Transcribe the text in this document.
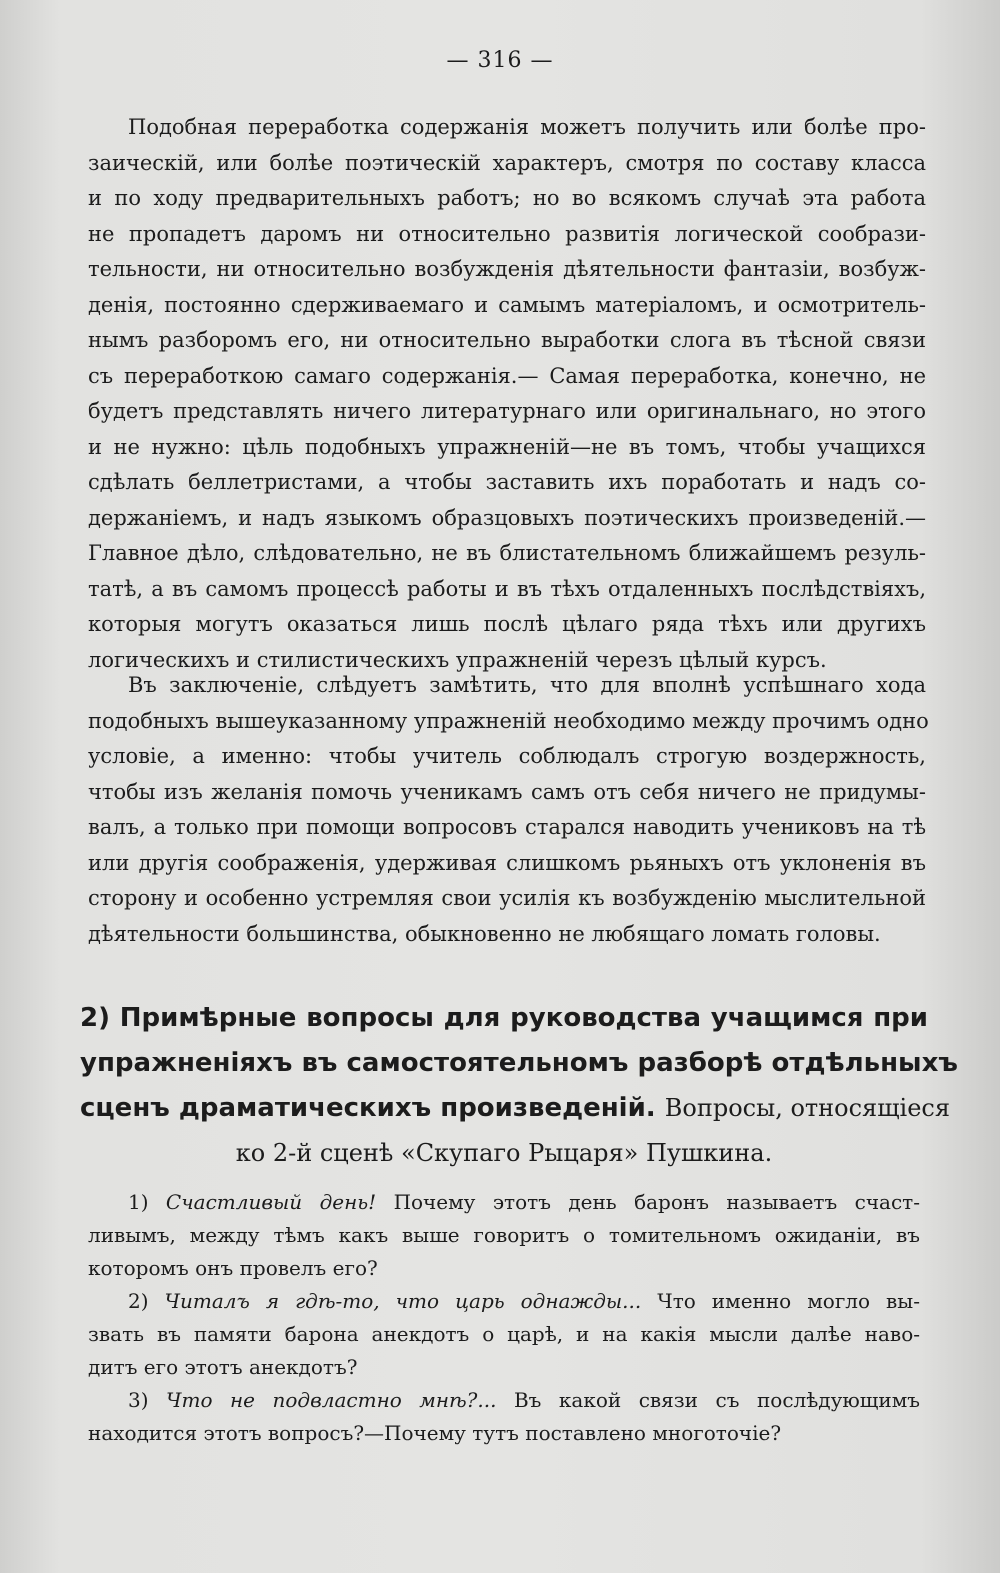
— 316 —
Подобная переработка содержанія можетъ получить или болѣе про-
заическій, или болѣе поэтическій характеръ, смотря по составу класса
и по ходу предварительныхъ работъ; но во всякомъ случаѣ эта работа
не пропадетъ даромъ ни относительно развитія логической сообрази-
тельности, ни относительно возбужденія дѣятельности фантазіи, возбуж-
денія, постоянно сдерживаемаго и самымъ матеріаломъ, и осмотритель-
нымъ разборомъ его, ни относительно выработки слога въ тѣсной связи
съ переработкою самаго содержанія.— Самая переработка, конечно, не
будетъ представлять ничего литературнаго или оригинальнаго, но этого
и не нужно: цѣль подобныхъ упражненій—не въ томъ, чтобы учащихся
сдѣлать беллетристами, а чтобы заставить ихъ поработать и надъ со-
держаніемъ, и надъ языкомъ образцовыхъ поэтическихъ произведеній.—
Главное дѣло, слѣдовательно, не въ блистательномъ ближайшемъ резуль-
татѣ, а въ самомъ процессѣ работы и въ тѣхъ отдаленныхъ послѣдствіяхъ,
которыя могутъ оказаться лишь послѣ цѣлаго ряда тѣхъ или другихъ
логическихъ и стилистическихъ упражненій черезъ цѣлый курсъ.
Въ заключеніе, слѣдуетъ замѣтить, что для вполнѣ успѣшнаго хода
подобныхъ вышеуказанному упражненій необходимо между прочимъ одно
условіе, а именно: чтобы учитель соблюдалъ строгую воздержность,
чтобы изъ желанія помочь ученикамъ самъ отъ себя ничего не придумы-
валъ, а только при помощи вопросовъ старался наводить учениковъ на тѣ
или другія соображенія, удерживая слишкомъ рьяныхъ отъ уклоненія въ
сторону и особенно устремляя свои усилія къ возбужденію мыслительной
дѣятельности большинства, обыкновенно не любящаго ломать головы.
2) Примѣрные вопросы для руководства учащимся при
упражненіяхъ въ самостоятельномъ разборѣ отдѣльныхъ
сценъ драматическихъ произведеній. Вопросы, относящіеся
ко 2-й сценѣ «Скупаго Рыцаря» Пушкина.
1) Счастливый день! Почему этотъ день баронъ называетъ счаст-
ливымъ, между тѣмъ какъ выше говоритъ о томительномъ ожиданіи, въ
которомъ онъ провелъ его?
2) Читалъ я гдѣ-то, что царь однажды... Что именно могло вы-
звать въ памяти барона анекдотъ о царѣ, и на какія мысли далѣе наво-
дитъ его этотъ анекдотъ?
3) Что не подвластно мнѣ?... Въ какой связи съ послѣдующимъ
находится этотъ вопросъ?—Почему тутъ поставлено многоточіе?
